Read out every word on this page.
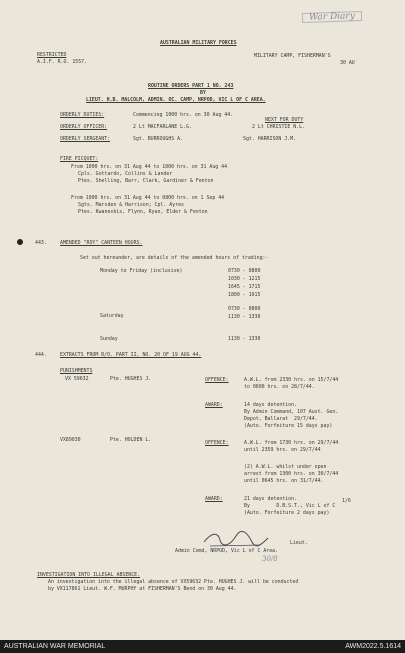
War Diary
AUSTRALIAN MILITARY FORCES
RESTRICTED
A.I.F. R.O. 1557.
MILITARY CAMP, FISHERMAN'S
30 AU
ROUTINE ORDERS PART 1 NO. 243
BY
LIEUT. H.B. MALCOLM, ADMIN. OC. CAMP, NRPOD, VIC L OF C AREA.
ORDERLY DUTIES:	Commencing 1000 hrs. on 30 Aug 44.
NEXT FOR DUTY
ORDERLY OFFICER:	2 Lt MACFARLANE L.G.	2 Lt CHRISTIE N.L.
ORDERLY SERGEANT:	Sgt. BURROUGHS A.	Sgt. HARRISON J.M.
FIRE PICQUET:
From 1000 hrs. on 31 Aug 44 to 1000 hrs. on 31 Aug 44
Cpls. Gottardo, Collins & Lander
Ptes. Shelling, Barr, Clark, Gardiner & Fenton
From 1000 hrs. on 31 Aug 44 to 0800 hrs. on 1 Sep 44
Sgts. Marsden & Harrison; Cpl. Ayres
Ptes. Kwaneskis, Flynn, Ryan, Elder & Fenton
443.	AMENDED "ROY" CANTEEN HOURS.
Set out hereunder, are details of the amended hours of trading:-
Monday to Friday (inclusive)	0730 - 0800
1030 - 1215
1645 - 1715
1800 - 1915
Saturday
0730 - 0800
1130 - 1330
Sunday	1130 - 1330
444.	EXTRACTS FROM R/O. PART II, NO. 20 OF 19 AUG 44.
PUNISHMENTS
VX 59632	Pte. HUGHES J.	OFFENCE:	A.W.L. from 2330 hrs. on 15/7/44
to 0600 hrs. on 28/7/44.
AWARD:	14 days detention.
By Admin Command, 107 Aust. Gen.
Depot, Ballarat  29/7/44.
(Auto. Forfeiture 15 days pay)
VX89030	Pte. HOLDEN L.	OFFENCE:	A.W.L. from 1730 hrs. on 29/7/44
until 2359 hrs. on 29/7/44
(2) A.W.L. whilst under open
arrest from 1300 hrs. on 30/7/44
until 0645 hrs. on 31/7/44.
AWARD:	21 days detention.
By         D.B.S.T., Vic L of C
(Auto. Forfeiture 2 days pay)
1/6
Lieut.
Admin Comd, NRPOD, Vic L of C Area.
30/8
INVESTIGATION INTO ILLEGAL ABSENCE.
An investigation into the illegal absence of VX59632 Pte. HUGHES J. will be conducted
by VX117861 Lieut. W.F. MURPHY at FISHERMAN'S Bend on 30 Aug 44.
AUSTRALIAN WAR MEMORIAL	AWM2022.5.1614
